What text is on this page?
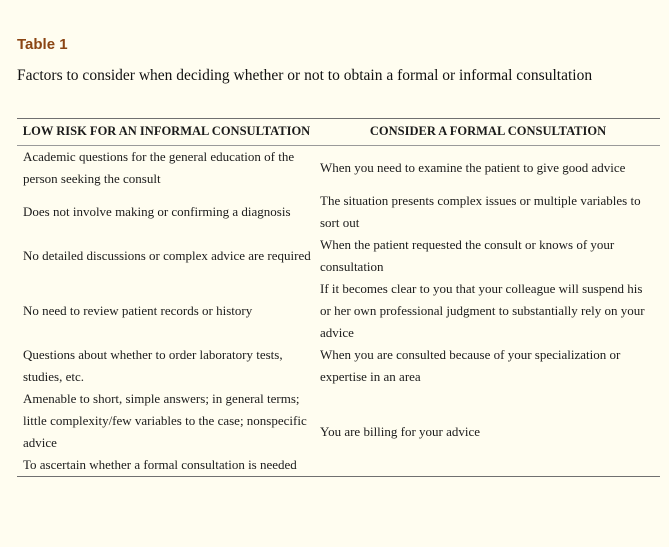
Table 1

Factors to consider when deciding whether or not to obtain a formal or informal consultation

LOW RISK FOR AN INFORMAL CONSULTATION	CONSIDER A FORMAL CONSULTATION
Academic questions for the general education of the person seeking the consult	When you need to examine the patient to give good advice
Does not involve making or confirming a diagnosis	The situation presents complex issues or multiple variables to sort out
No detailed discussions or complex advice are required	When the patient requested the consult or knows of your consultation
No need to review patient records or history	If it becomes clear to you that your colleague will suspend his or her own professional judgment to substantially rely on your advice
Questions about whether to order laboratory tests, studies, etc.	When you are consulted because of your specialization or expertise in an area
Amenable to short, simple answers; in general terms; little complexity/few variables to the case; nonspecific advice	You are billing for your advice
To ascertain whether a formal consultation is needed	
